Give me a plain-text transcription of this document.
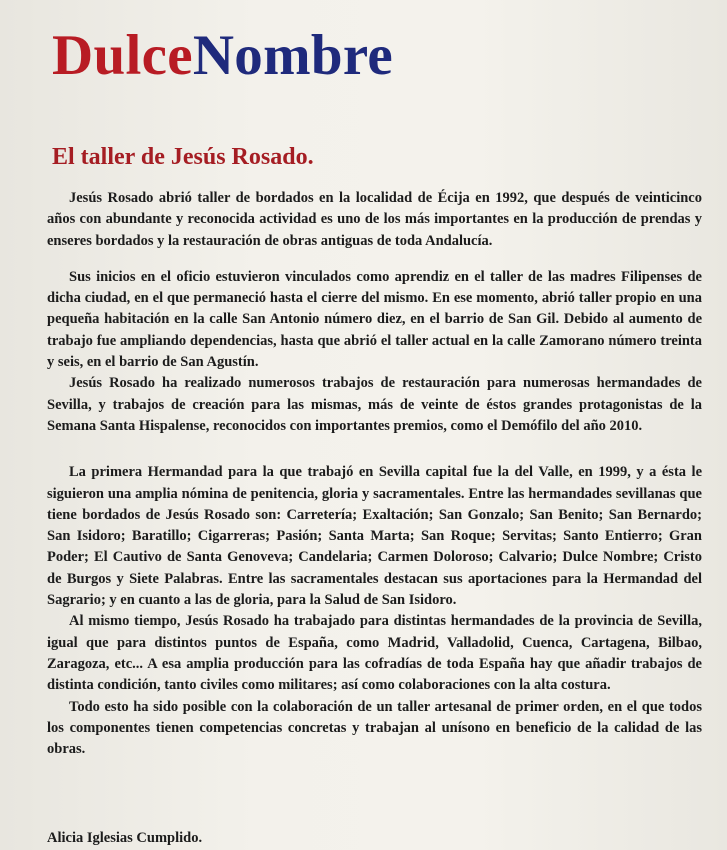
DulceNombre
El taller de Jesús Rosado.

Jesús Rosado abrió taller de bordados en la localidad de Écija en 1992, que después de veinticinco años con abundante y reconocida actividad es uno de los más importantes en la producción de prendas y enseres bordados y la restauración de obras antiguas de toda Andalucía.

Sus inicios en el oficio estuvieron vinculados como aprendiz en el taller de las madres Filipenses de dicha ciudad, en el que permaneció hasta el cierre del mismo. En ese momento, abrió taller propio en una pequeña habitación en la calle San Antonio número diez, en el barrio de San Gil. Debido al aumento de trabajo fue ampliando dependencias, hasta que abrió el taller actual en la calle Zamorano número treinta y seis, en el barrio de San Agustín.

Jesús Rosado ha realizado numerosos trabajos de restauración para numerosas hermandades de Sevilla, y trabajos de creación para las mismas, más de veinte de éstos grandes protagonistas de la Semana Santa Hispalense, reconocidos con importantes premios, como el Demófilo del año 2010.

La primera Hermandad para la que trabajó en Sevilla capital fue la del Valle, en 1999, y a ésta le siguieron una amplia nómina de penitencia, gloria y sacramentales. Entre las hermandades sevillanas que tiene bordados de Jesús Rosado son: Carretería; Exaltación; San Gonzalo; San Benito; San Bernardo; San Isidoro; Baratillo; Cigarreras; Pasión; Santa Marta; San Roque; Servitas; Santo Entierro; Gran Poder; El Cautivo de Santa Genoveva; Candelaria; Carmen Doloroso; Calvario; Dulce Nombre; Cristo de Burgos y Siete Palabras. Entre las sacramentales destacan sus aportaciones para la Hermandad del Sagrario; y en cuanto a las de gloria, para la Salud de San Isidoro.

Al mismo tiempo, Jesús Rosado ha trabajado para distintas hermandades de la provincia de Sevilla, igual que para distintos puntos de España, como Madrid, Valladolid, Cuenca, Cartagena, Bilbao, Zaragoza, etc... A esa amplia producción para las cofradías de toda España hay que añadir trabajos de distinta condición, tanto civiles como militares; así como colaboraciones con la alta costura.

Todo esto ha sido posible con la colaboración de un taller artesanal de primer orden, en el que todos los componentes tienen competencias concretas y trabajan al unísono en beneficio de la calidad de las obras.

Alicia Iglesias Cumplido.
